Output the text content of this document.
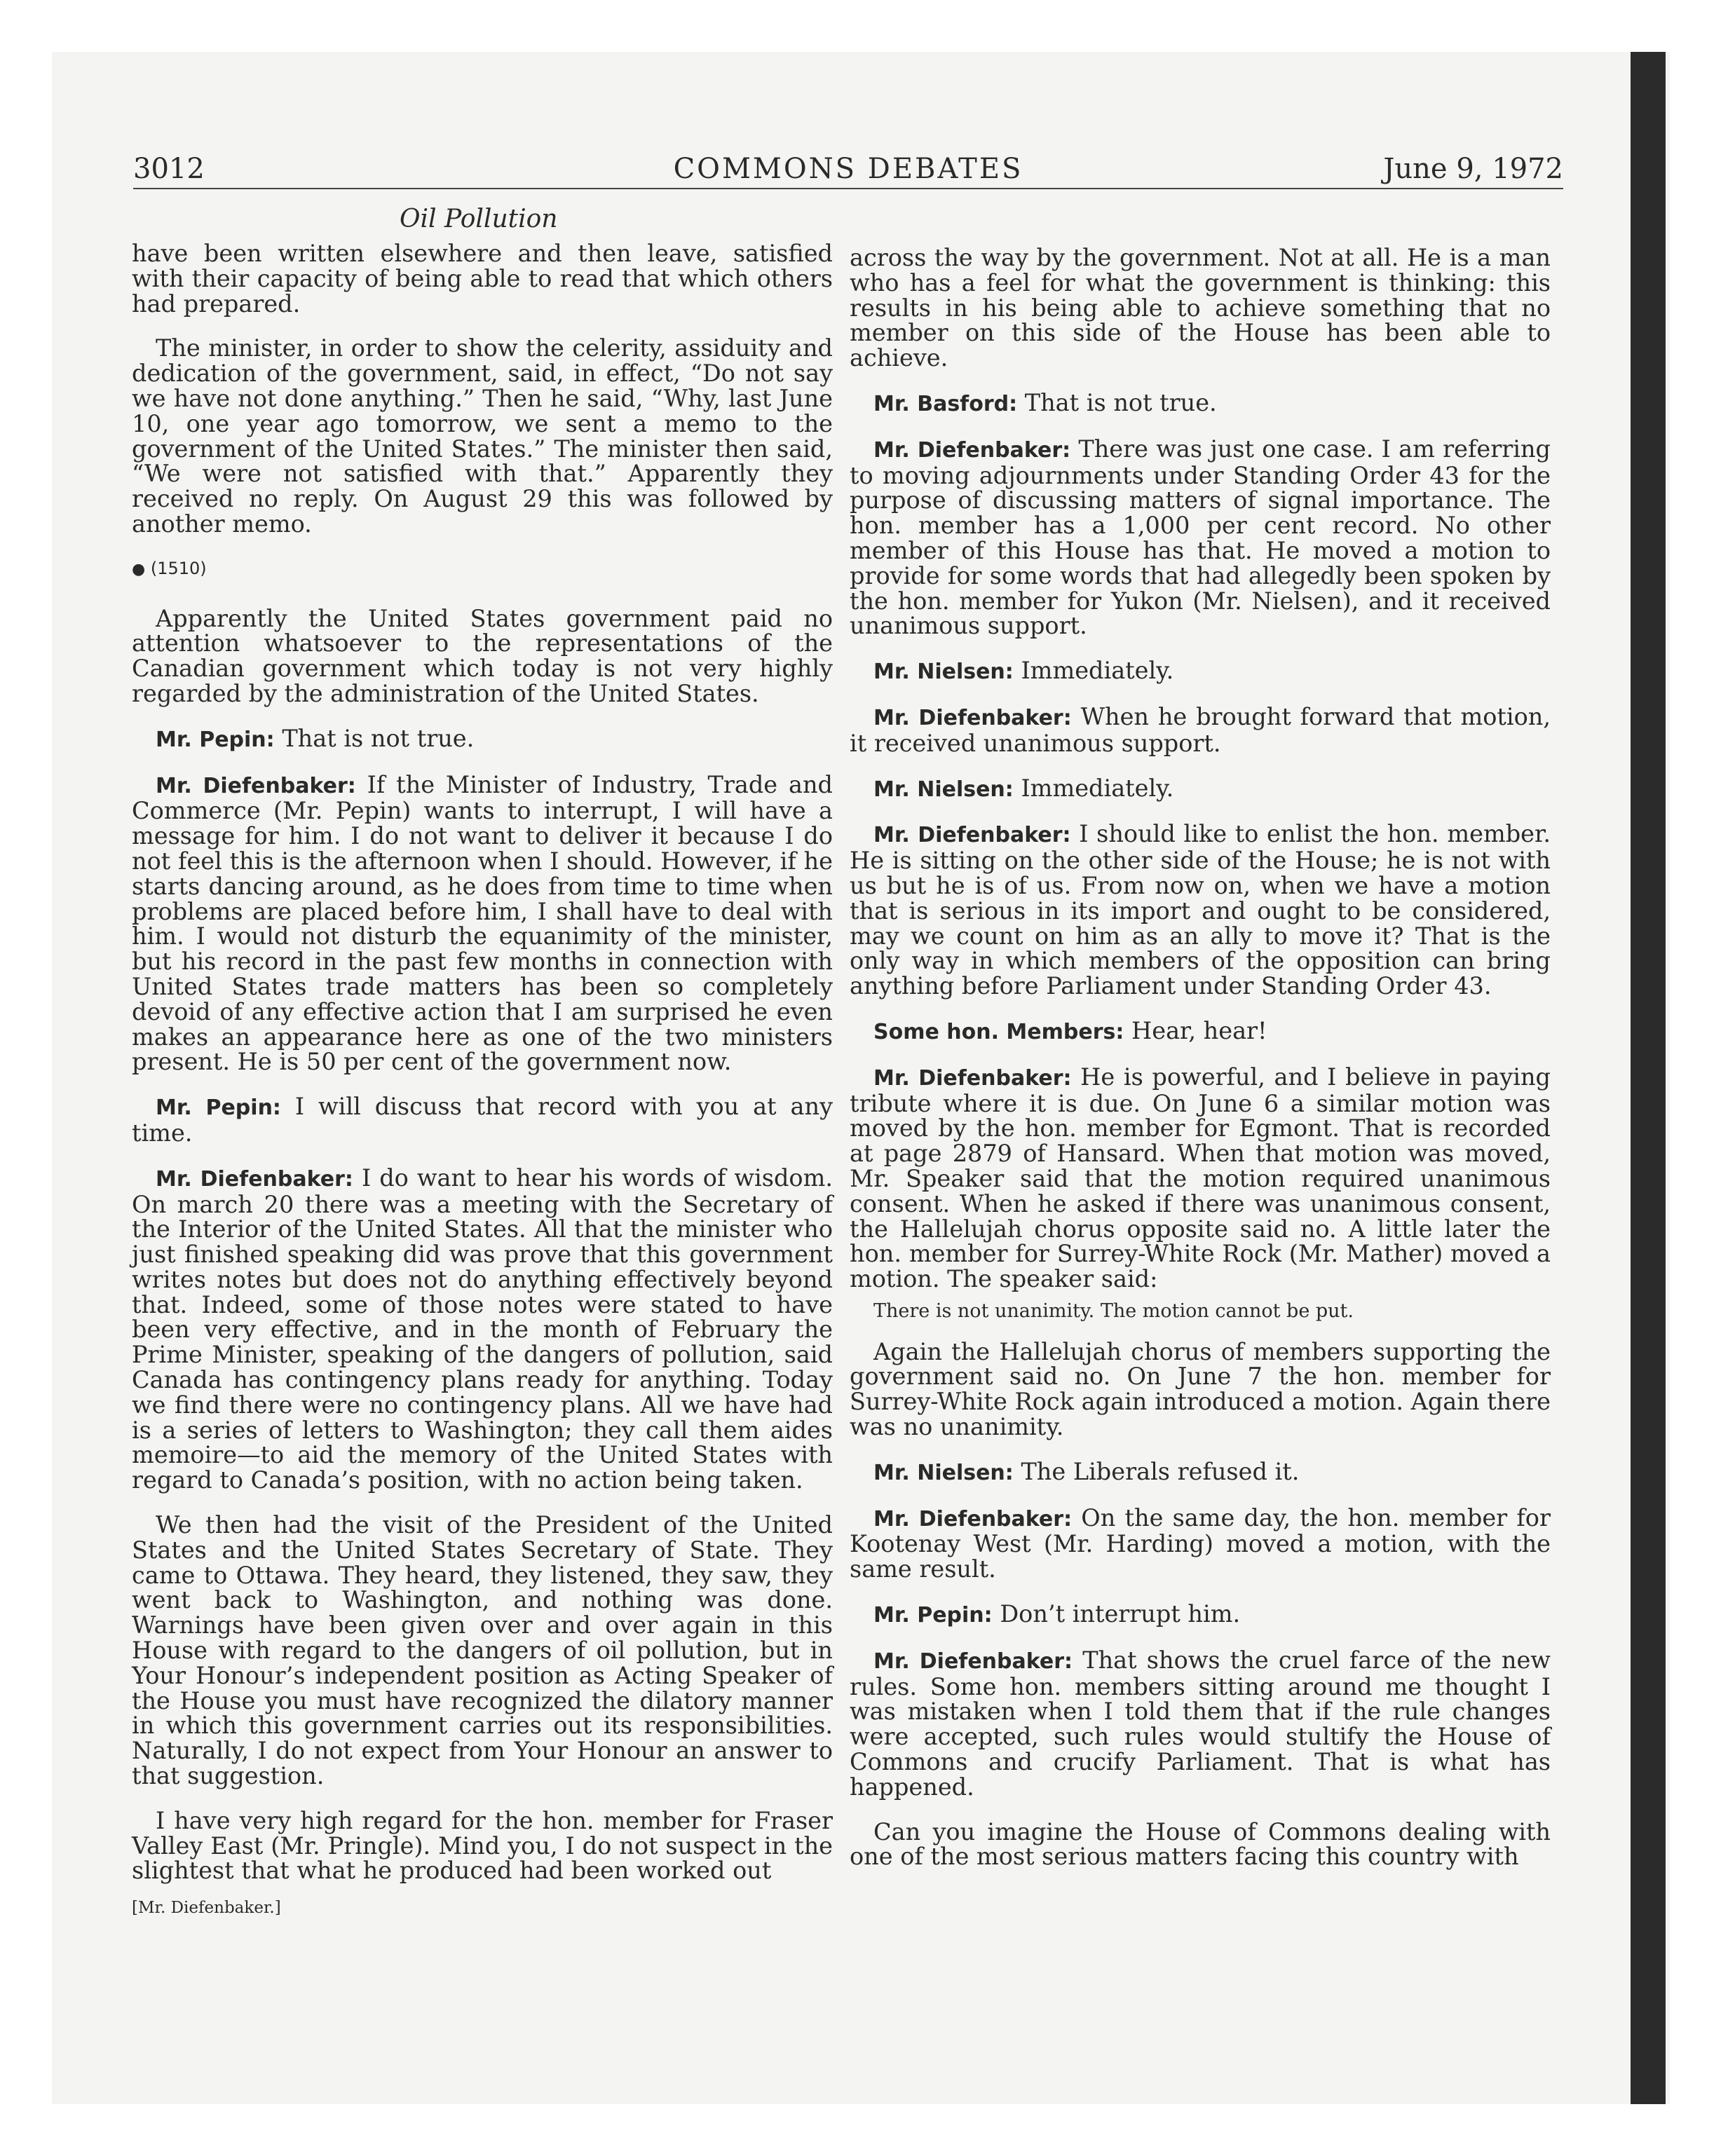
3012	COMMONS DEBATES	June 9, 1972
Oil Pollution

have been written elsewhere and then leave, satisfied with their capacity of being able to read that which others had prepared.

The minister, in order to show the celerity, assiduity and dedication of the government, said, in effect, “Do not say we have not done anything.” Then he said, “Why, last June 10, one year ago tomorrow, we sent a memo to the government of the United States.” The minister then said, “We were not satisfied with that.” Apparently they received no reply. On August 29 this was followed by another memo.

● (1510)

Apparently the United States government paid no attention whatsoever to the representations of the Canadian government which today is not very highly regarded by the administration of the United States.

Mr. Pepin: That is not true.

Mr. Diefenbaker: If the Minister of Industry, Trade and Commerce (Mr. Pepin) wants to interrupt, I will have a message for him. I do not want to deliver it because I do not feel this is the afternoon when I should. However, if he starts dancing around, as he does from time to time when problems are placed before him, I shall have to deal with him. I would not disturb the equanimity of the minister, but his record in the past few months in connection with United States trade matters has been so completely devoid of any effective action that I am surprised he even makes an appearance here as one of the two ministers present. He is 50 per cent of the government now.

Mr. Pepin: I will discuss that record with you at any time.

Mr. Diefenbaker: I do want to hear his words of wisdom. On march 20 there was a meeting with the Secretary of the Interior of the United States. All that the minister who just finished speaking did was prove that this government writes notes but does not do anything effectively beyond that. Indeed, some of those notes were stated to have been very effective, and in the month of February the Prime Minister, speaking of the dangers of pollution, said Canada has contingency plans ready for anything. Today we find there were no contingency plans. All we have had is a series of letters to Washington; they call them aides memoire—to aid the memory of the United States with regard to Canada’s position, with no action being taken.

We then had the visit of the President of the United States and the United States Secretary of State. They came to Ottawa. They heard, they listened, they saw, they went back to Washington, and nothing was done. Warnings have been given over and over again in this House with regard to the dangers of oil pollution, but in Your Honour’s independent position as Acting Speaker of the House you must have recognized the dilatory manner in which this government carries out its responsibilities. Naturally, I do not expect from Your Honour an answer to that suggestion.

I have very high regard for the hon. member for Fraser Valley East (Mr. Pringle). Mind you, I do not suspect in the slightest that what he produced had been worked out

[Mr. Diefenbaker.]

across the way by the government. Not at all. He is a man who has a feel for what the government is thinking: this results in his being able to achieve something that no member on this side of the House has been able to achieve.

Mr. Basford: That is not true.

Mr. Diefenbaker: There was just one case. I am referring to moving adjournments under Standing Order 43 for the purpose of discussing matters of signal importance. The hon. member has a 1,000 per cent record. No other member of this House has that. He moved a motion to provide for some words that had allegedly been spoken by the hon. member for Yukon (Mr. Nielsen), and it received unanimous support.

Mr. Nielsen: Immediately.

Mr. Diefenbaker: When he brought forward that motion, it received unanimous support.

Mr. Nielsen: Immediately.

Mr. Diefenbaker: I should like to enlist the hon. member. He is sitting on the other side of the House; he is not with us but he is of us. From now on, when we have a motion that is serious in its import and ought to be considered, may we count on him as an ally to move it? That is the only way in which members of the opposition can bring anything before Parliament under Standing Order 43.

Some hon. Members: Hear, hear!

Mr. Diefenbaker: He is powerful, and I believe in paying tribute where it is due. On June 6 a similar motion was moved by the hon. member for Egmont. That is recorded at page 2879 of Hansard. When that motion was moved, Mr. Speaker said that the motion required unanimous consent. When he asked if there was unanimous consent, the Hallelujah chorus opposite said no. A little later the hon. member for Surrey-White Rock (Mr. Mather) moved a motion. The speaker said:

There is not unanimity. The motion cannot be put.

Again the Hallelujah chorus of members supporting the government said no. On June 7 the hon. member for Surrey-White Rock again introduced a motion. Again there was no unanimity.

Mr. Nielsen: The Liberals refused it.

Mr. Diefenbaker: On the same day, the hon. member for Kootenay West (Mr. Harding) moved a motion, with the same result.

Mr. Pepin: Don’t interrupt him.

Mr. Diefenbaker: That shows the cruel farce of the new rules. Some hon. members sitting around me thought I was mistaken when I told them that if the rule changes were accepted, such rules would stultify the House of Commons and crucify Parliament. That is what has happened.

Can you imagine the House of Commons dealing with one of the most serious matters facing this country with
